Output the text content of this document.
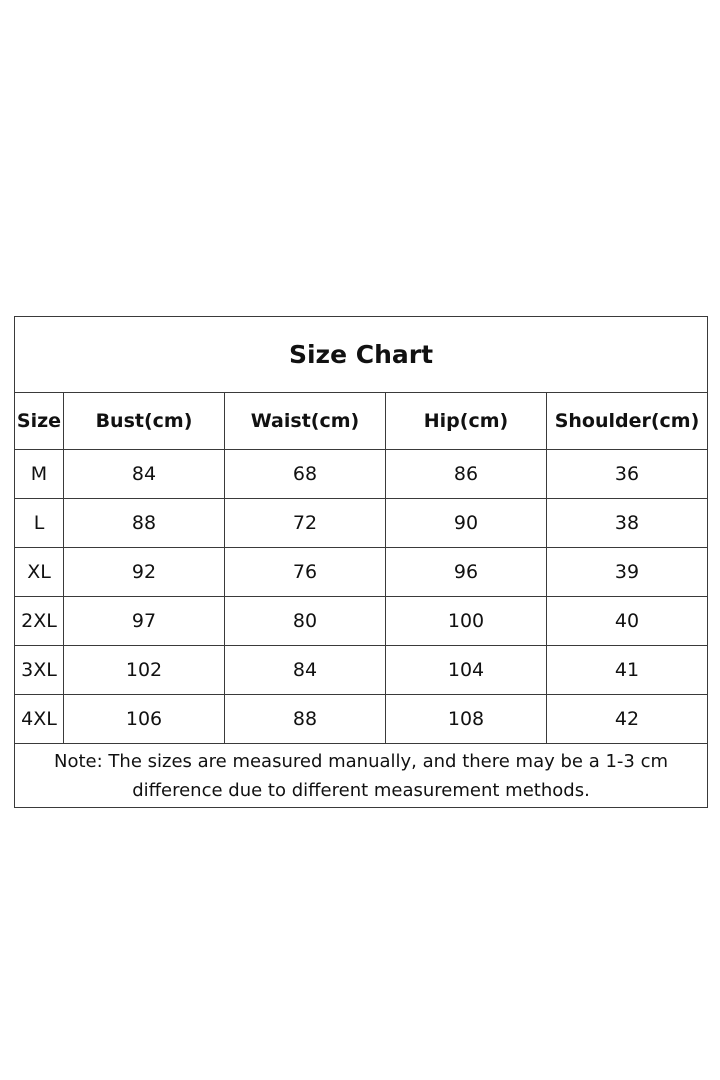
Size Chart				
Size	Bust(cm)	Waist(cm)	Hip(cm)	Shoulder(cm)
M	84	68	86	36
L	88	72	90	38
XL	92	76	96	39
2XL	97	80	100	40
3XL	102	84	104	41
4XL	106	88	108	42

Note: The sizes are measured manually, and there may be a 1-3 cm
difference due to different measurement methods.				
